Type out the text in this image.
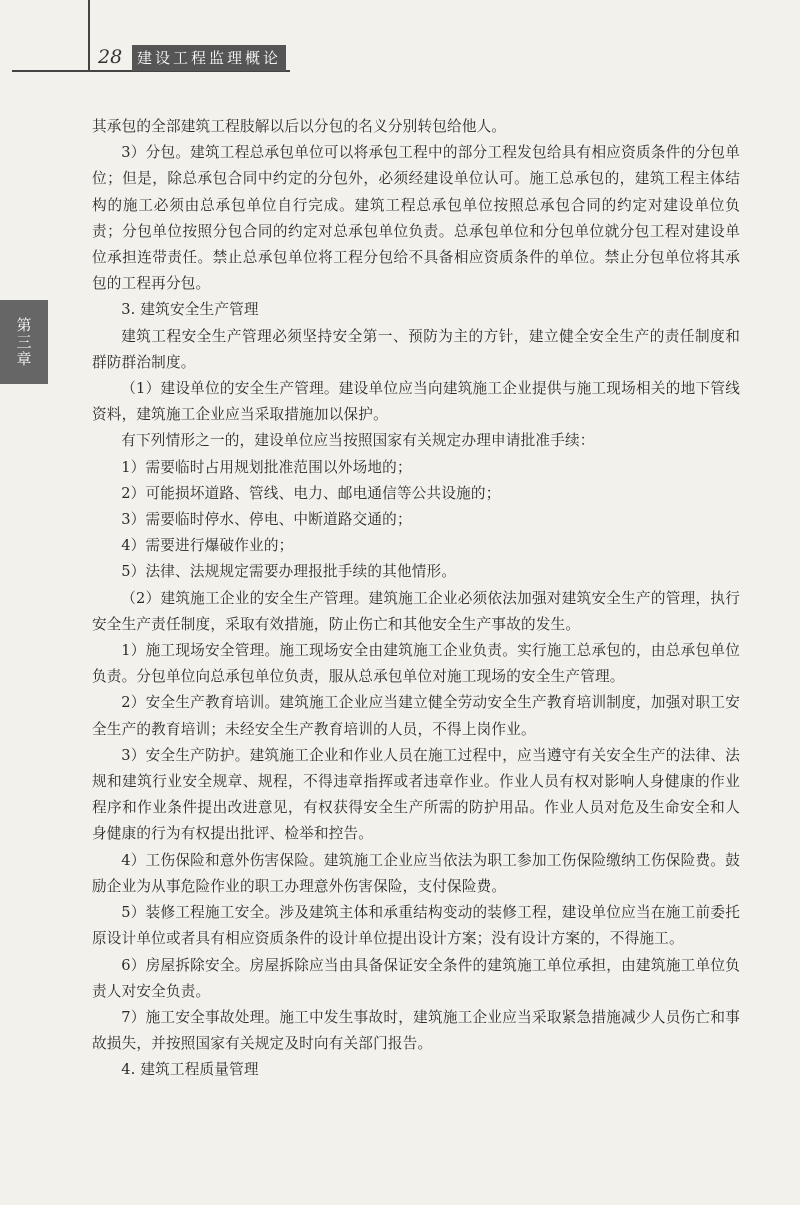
28 建设工程监理概论
第三章

其承包的全部建筑工程肢解以后以分包的名义分别转包给他人。

3）分包。建筑工程总承包单位可以将承包工程中的部分工程发包给具有相应资质条件的分包单位；但是，除总承包合同中约定的分包外，必须经建设单位认可。施工总承包的，建筑工程主体结构的施工必须由总承包单位自行完成。建筑工程总承包单位按照总承包合同的约定对建设单位负责；分包单位按照分包合同的约定对总承包单位负责。总承包单位和分包单位就分包工程对建设单位承担连带责任。禁止总承包单位将工程分包给不具备相应资质条件的单位。禁止分包单位将其承包的工程再分包。

3. 建筑安全生产管理

建筑工程安全生产管理必须坚持安全第一、预防为主的方针，建立健全安全生产的责任制度和群防群治制度。

（1）建设单位的安全生产管理。建设单位应当向建筑施工企业提供与施工现场相关的地下管线资料，建筑施工企业应当采取措施加以保护。

有下列情形之一的，建设单位应当按照国家有关规定办理申请批准手续：

1）需要临时占用规划批准范围以外场地的；

2）可能损坏道路、管线、电力、邮电通信等公共设施的；

3）需要临时停水、停电、中断道路交通的；

4）需要进行爆破作业的；

5）法律、法规规定需要办理报批手续的其他情形。

（2）建筑施工企业的安全生产管理。建筑施工企业必须依法加强对建筑安全生产的管理，执行安全生产责任制度，采取有效措施，防止伤亡和其他安全生产事故的发生。

1）施工现场安全管理。施工现场安全由建筑施工企业负责。实行施工总承包的，由总承包单位负责。分包单位向总承包单位负责，服从总承包单位对施工现场的安全生产管理。

2）安全生产教育培训。建筑施工企业应当建立健全劳动安全生产教育培训制度，加强对职工安全生产的教育培训；未经安全生产教育培训的人员，不得上岗作业。

3）安全生产防护。建筑施工企业和作业人员在施工过程中，应当遵守有关安全生产的法律、法规和建筑行业安全规章、规程，不得违章指挥或者违章作业。作业人员有权对影响人身健康的作业程序和作业条件提出改进意见，有权获得安全生产所需的防护用品。作业人员对危及生命安全和人身健康的行为有权提出批评、检举和控告。

4）工伤保险和意外伤害保险。建筑施工企业应当依法为职工参加工伤保险缴纳工伤保险费。鼓励企业为从事危险作业的职工办理意外伤害保险，支付保险费。

5）装修工程施工安全。涉及建筑主体和承重结构变动的装修工程，建设单位应当在施工前委托原设计单位或者具有相应资质条件的设计单位提出设计方案；没有设计方案的，不得施工。

6）房屋拆除安全。房屋拆除应当由具备保证安全条件的建筑施工单位承担，由建筑施工单位负责人对安全负责。

7）施工安全事故处理。施工中发生事故时，建筑施工企业应当采取紧急措施减少人员伤亡和事故损失，并按照国家有关规定及时向有关部门报告。

4. 建筑工程质量管理
